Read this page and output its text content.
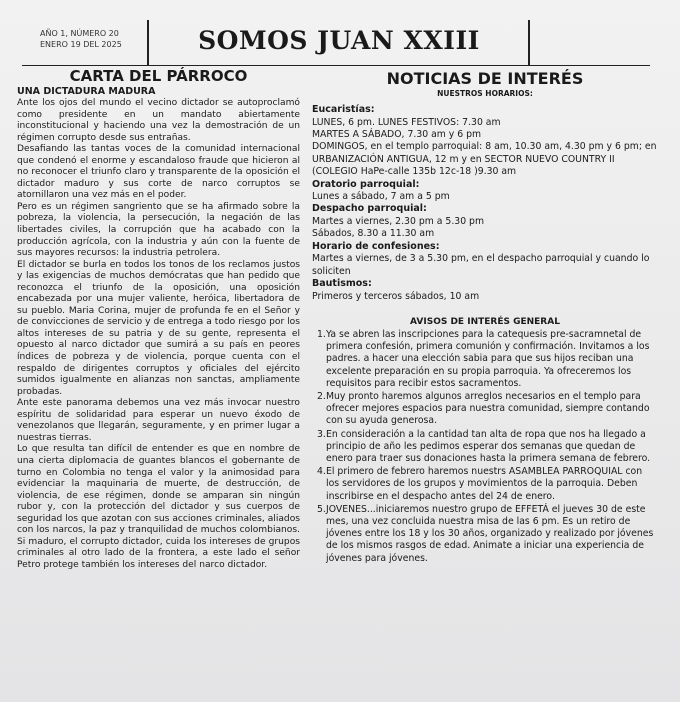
AÑO 1, NÚMERO 20
ENERO 19 DEL 2025	SOMOS JUAN XXIII
CARTA DEL PÁRROCO
UNA DICTADURA MADURA

Ante los ojos del mundo el vecino dictador se autoproclamó como presidente en un mandato abiertamente inconstitucional y haciendo una vez la demostración de un régimen corrupto desde sus entrañas.

Desafiando las tantas voces de la comunidad internacional que condenó el enorme y escandaloso fraude que hicieron al no reconocer el triunfo claro y transparente de la oposición el dictador maduro y sus corte de narco corruptos se atornillaron una vez más en el poder.

Pero es un régimen sangriento que se ha afirmado sobre la pobreza, la violencia, la persecución, la negación de las libertades civiles, la corrupción que ha acabado con la producción agrícola, con la industria y aún con la fuente de sus mayores recursos: la industria petrolera.

El dictador se burla en todos los tonos de los reclamos justos y las exigencias de muchos demócratas que han pedido que reconozca el triunfo de la oposición, una oposición encabezada por una mujer valiente, heróica, libertadora de su pueblo. Maria Corina, mujer de profunda fe en el Señor y de convicciones de servicio y de entrega a todo riesgo por los altos intereses de su patria y de su gente, representa el opuesto al narco dictador que sumirá a su país en peores índices de pobreza y de violencia, porque cuenta con el respaldo de dirigentes corruptos y oficiales del ejército sumidos igualmente en alianzas non sanctas, ampliamente probadas.

Ante este panorama debemos una vez más invocar nuestro espíritu de solidaridad para esperar un nuevo éxodo de venezolanos que llegarán, seguramente, y en primer lugar a nuestras tierras.

Lo que resulta tan difícil de entender es que en nombre de una cierta diplomacia de guantes blancos el gobernante de turno en Colombia no tenga el valor y la animosidad para evidenciar la maquinaria de muerte, de destrucción, de violencia, de ese régimen, donde se amparan sin ningún rubor y, con la protección del dictador y sus cuerpos de seguridad los que azotan con sus acciones criminales, aliados con los narcos, la paz y tranquilidad de muchos colombianos. Si maduro, el corrupto dictador, cuida los intereses de grupos criminales al otro lado de la frontera, a este lado el señor Petro protege también los intereses del narco dictador.

NOTICIAS DE INTERÉS
NUESTROS HORARIOS:
Eucaristías:
LUNES, 6 pm. LUNES FESTIVOS: 7.30 am
MARTES A SÁBADO, 7.30 am y 6 pm
DOMINGOS, en el templo parroquial: 8 am, 10.30 am, 4.30 pm y 6 pm; en URBANIZACIÓN ANTIGUA, 12 m y en SECTOR NUEVO COUNTRY II (COLEGIO HaPe-calle 135b 12c-18 )9.30 am
Oratorio parroquial:
Lunes a sábado, 7 am a 5 pm
Despacho parroquial:
Martes a viernes, 2.30 pm a 5.30 pm
Sábados, 8.30 a 11.30 am
Horario de confesiones:
Martes a viernes, de 3 a 5.30 pm, en el despacho parroquial y cuando lo soliciten
Bautismos:
Primeros y terceros sábados, 10 am
AVISOS DE INTERÉS GENERAL
1.Ya se abren las inscripciones para la catequesis pre-sacramnetal de primera confesión, primera comunión y confirmación. Invitamos a los padres. a hacer una elección sabia para que sus hijos reciban una excelente preparación en su propia parroquia. Ya ofreceremos los requisitos para recibir estos sacramentos.
2.Muy pronto haremos algunos arreglos necesarios en el templo para ofrecer mejores espacios para nuestra comunidad, siempre contando con su ayuda generosa.
3.En consideración a la cantidad tan alta de ropa que nos ha llegado a principio de año les pedimos esperar dos semanas que quedan de enero para traer sus donaciones hasta la primera semana de febrero.
4.El primero de febrero haremos nuestrs ASAMBLEA PARROQUIAL con los servidores de los grupos y movimientos de la parroquia. Deben inscribirse en el despacho antes del 24 de enero.
5.JOVENES...iniciaremos nuestro grupo de EFFETÁ el jueves 30 de este mes, una vez concluida nuestra misa de las 6 pm. Es un retiro de jóvenes entre los 18 y los 30 años, organizado y realizado por jóvenes de los mismos rasgos de edad. Animate a iniciar una experiencia de jóvenes para jóvenes.
